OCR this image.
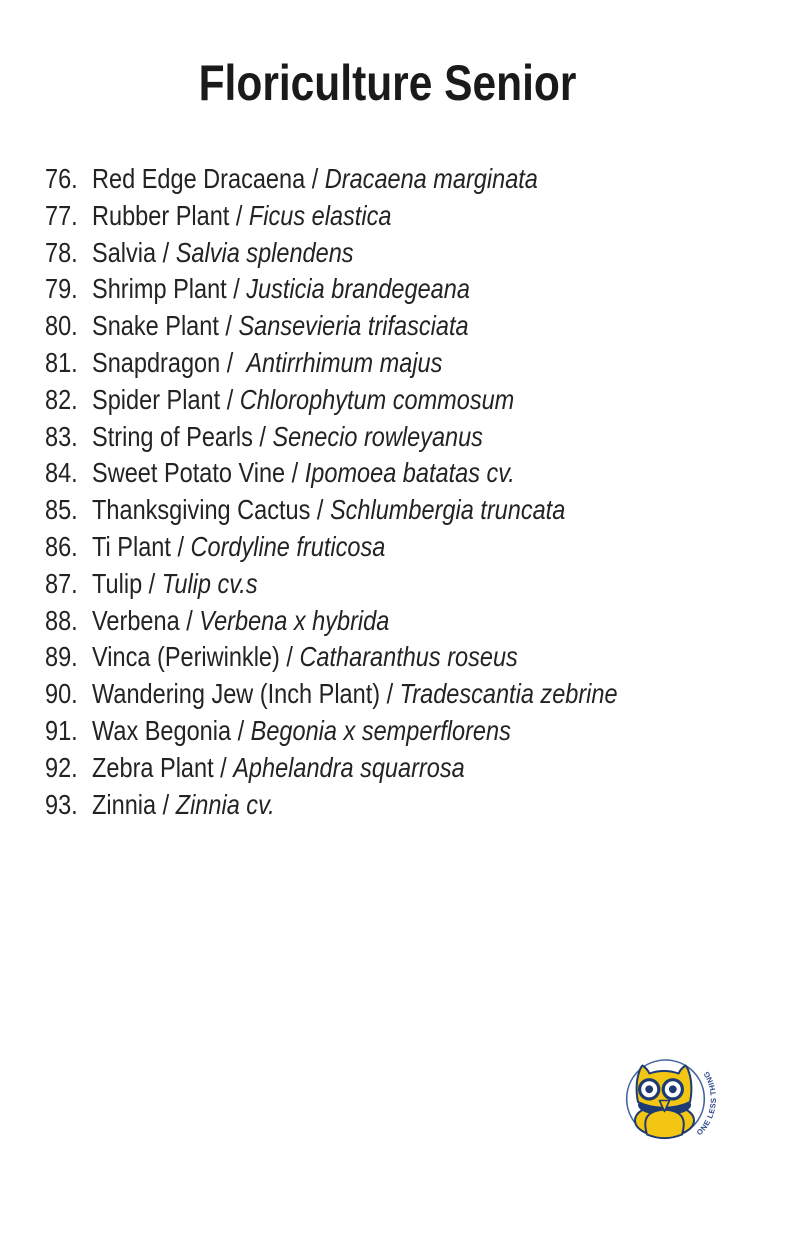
Floriculture Senior
76. Red Edge Dracaena / Dracaena marginata
77. Rubber Plant / Ficus elastica
78. Salvia / Salvia splendens
79. Shrimp Plant / Justicia brandegeana
80. Snake Plant / Sansevieria trifasciata
81. Snapdragon /  Antirrhimum majus
82. Spider Plant / Chlorophytum commosum
83. String of Pearls / Senecio rowleyanus
84. Sweet Potato Vine / Ipomoea batatas cv.
85. Thanksgiving Cactus / Schlumbergia truncata
86. Ti Plant / Cordyline fruticosa
87. Tulip / Tulip cv.s
88. Verbena / Verbena x hybrida
89. Vinca (Periwinkle) / Catharanthus roseus
90. Wandering Jew (Inch Plant) / Tradescantia zebrine
91. Wax Begonia / Begonia x semperflorens
92. Zebra Plant / Aphelandra squarrosa
93. Zinnia / Zinnia cv.
ONE LESS THING
